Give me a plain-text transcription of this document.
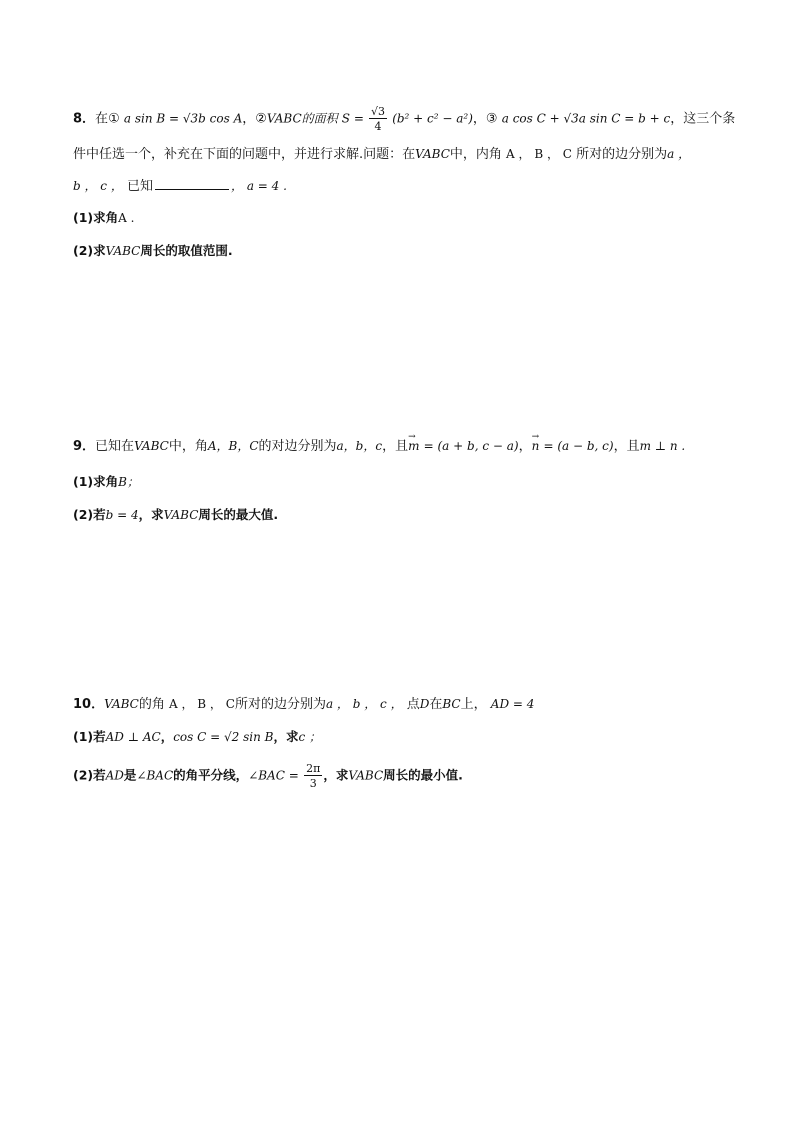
8．在① a sin B = √3b cos A，②VABC的面积 $S = \frac{√3}{4} (b^2 + c^2 - a^2)$，③ a cos C + √3a sin C = b + c，这三个条
件中任选一个，补充在下面的问题中，并进行求解.问题：在VABC中，内角 A ， B ， C 所对的边分别为a ，
b ， c ， 已知	， a = 4 .
(1)求角A .
(2)求VABC周长的取值范围.
9．已知在VABC中，角A，B，C的对边分别为a，b，c，且→ m = (a + b, c − a)，→ n = (a − b, c)，且m ⊥ n .
(1)求角B；
(2)若b = 4，求VABC周长的最大值.
10．VABC的角 A ， B ， C所对的边分别为a ， b ， c ， 点D在BC上， AD = 4
(1)若AD ⊥ AC，cos C = √2 sin B，求c ；
(2)若AD是∠BAC的角平分线，∠BAC = $\frac{2\pi}{3}$ ，求VABC周长的最小值.
